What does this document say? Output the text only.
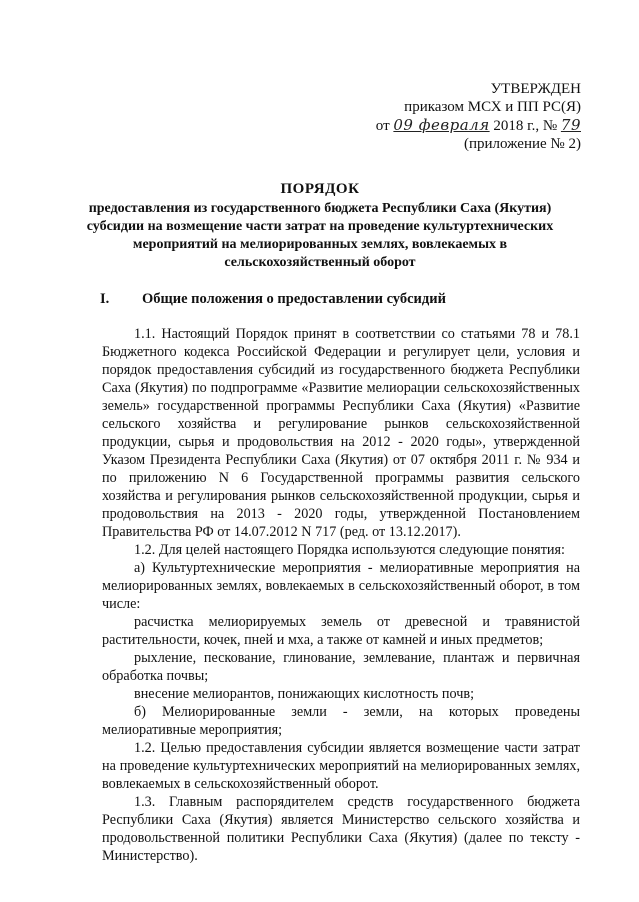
УТВЕРЖДЕН
приказом МСХ и ПП РС(Я)
от 09 февраля 2018 г., № 79
(приложение № 2)
ПОРЯДОК
предоставления из государственного бюджета Республики Саха (Якутия) субсидии на возмещение части затрат на проведение культуртехнических мероприятий на мелиорированных землях, вовлекаемых в сельскохозяйственный оборот
I. Общие положения о предоставлении субсидий

1.1. Настоящий Порядок принят в соответствии со статьями 78 и 78.1 Бюджетного кодекса Российской Федерации и регулирует цели, условия и порядок предоставления субсидий из государственного бюджета Республики Саха (Якутия) по подпрограмме «Развитие мелиорации сельскохозяйственных земель» государственной программы Республики Саха (Якутия) «Развитие сельского хозяйства и регулирование рынков сельскохозяйственной продукции, сырья и продовольствия на 2012 - 2020 годы», утвержденной Указом Президента Республики Саха (Якутия) от 07 октября 2011 г. № 934 и по приложению N 6 Государственной программы развития сельского хозяйства и регулирования рынков сельскохозяйственной продукции, сырья и продовольствия на 2013 - 2020 годы, утвержденной Постановлением Правительства РФ от 14.07.2012 N 717 (ред. от 13.12.2017).

1.2. Для целей настоящего Порядка используются следующие понятия:

а) Культуртехнические мероприятия - мелиоративные мероприятия на мелиорированных землях, вовлекаемых в сельскохозяйственный оборот, в том числе:

расчистка мелиорируемых земель от древесной и травянистой растительности, кочек, пней и мха, а также от камней и иных предметов;

рыхление, пескование, глинование, землевание, плантаж и первичная обработка почвы;

внесение мелиорантов, понижающих кислотность почв;

б) Мелиорированные земли - земли, на которых проведены мелиоративные мероприятия;

1.2. Целью предоставления субсидии является возмещение части затрат на проведение культуртехнических мероприятий на мелиорированных землях, вовлекаемых в сельскохозяйственный оборот.

1.3. Главным распорядителем средств государственного бюджета Республики Саха (Якутия) является Министерство сельского хозяйства и продовольственной политики Республики Саха (Якутия) (далее по тексту - Министерство).
